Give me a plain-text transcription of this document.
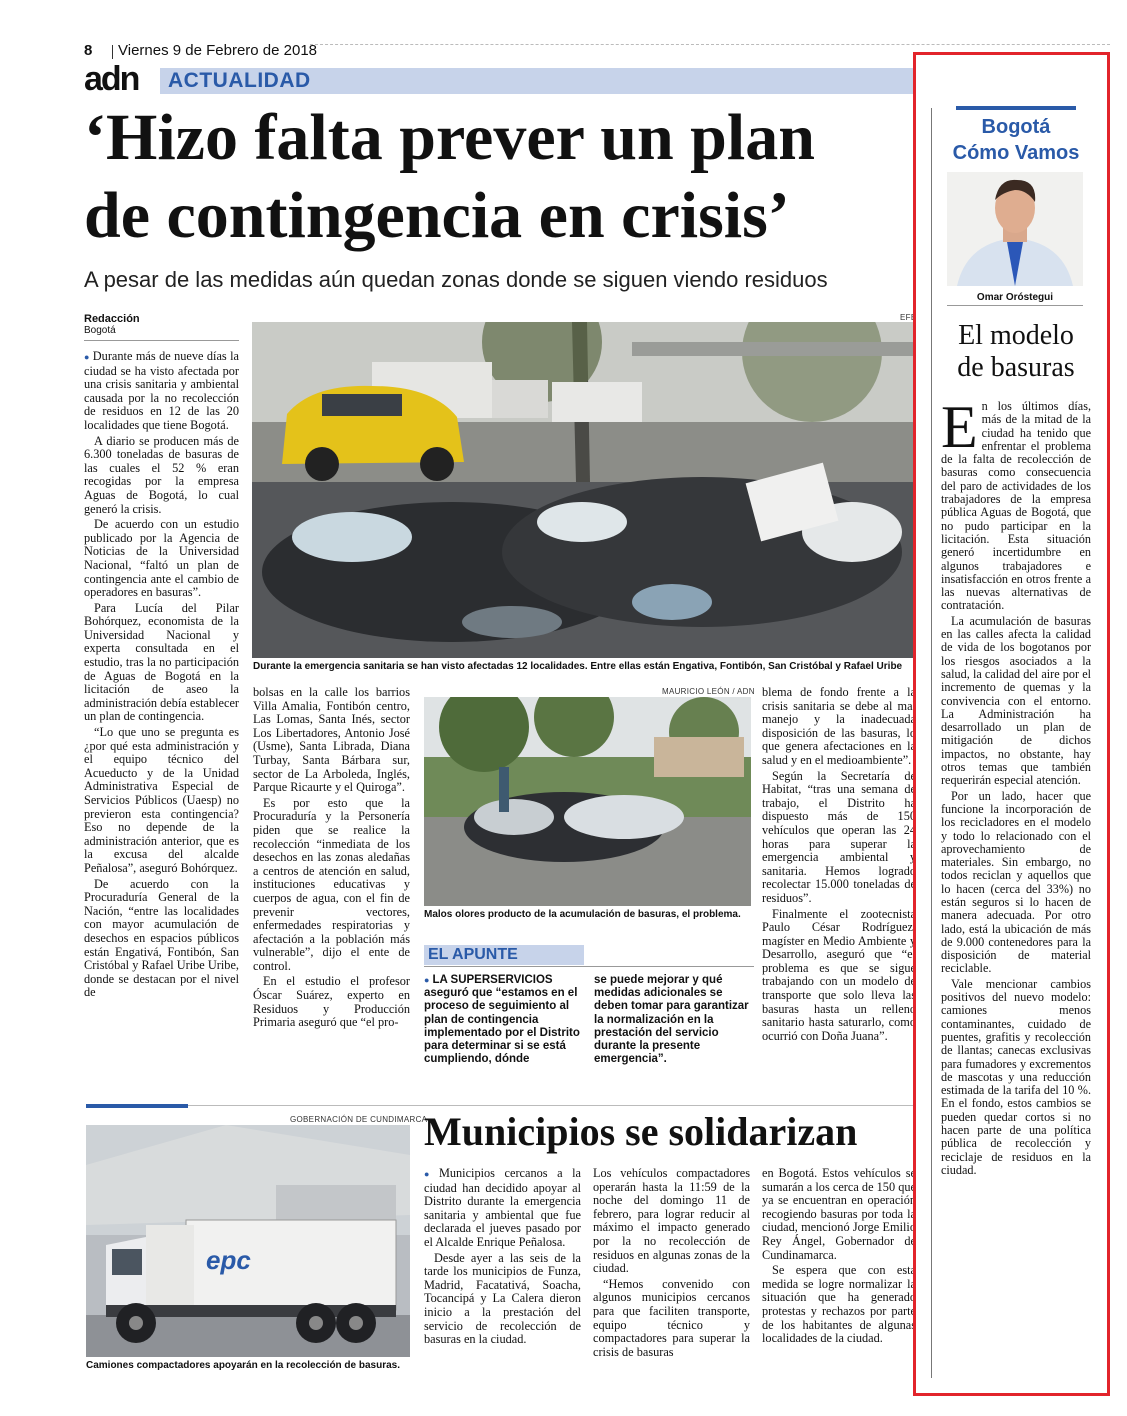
8 Viernes 9 de Febrero de 2018
adn ACTUALIDAD
‘Hizo falta prever un plan
de contingencia en crisis’
A pesar de las medidas aún quedan zonas donde se siguen viendo residuos
Redacción
Bogotá

● Durante más de nueve días la ciudad se ha visto afectada por una crisis sanitaria y ambiental causada por la no recolección de residuos en 12 de las 20 localidades que tiene Bogotá.

A diario se producen más de 6.300 toneladas de basuras de las cuales el 52 % eran recogidas por la empresa Aguas de Bogotá, lo cual generó la crisis.

De acuerdo con un estudio publicado por la Agencia de Noticias de la Universidad Nacional, “faltó un plan de contingencia ante el cambio de operadores en basuras”.

Para Lucía del Pilar Bohórquez, economista de la Universidad Nacional y experta consultada en el estudio, tras la no participación de Aguas de Bogotá en la licitación de aseo la administración debía establecer un plan de contingencia.

“Lo que uno se pregunta es ¿por qué esta administración y el equipo técnico del Acueducto y de la Unidad Administrativa Especial de Servicios Públicos (Uaesp) no previeron esta contingencia? Eso no depende de la administración anterior, que es la excusa del alcalde Peñalosa”, aseguró Bohórquez.

De acuerdo con la Procuraduría General de la Nación, “entre las localidades con mayor acumulación de desechos en espacios públicos están Engativá, Fontibón, San Cristóbal y Rafael Uribe Uribe, donde se destacan por el nivel de

EFE
Durante la emergencia sanitaria se han visto afectadas 12 localidades. Entre ellas están Engativa, Fontibón, San Cristóbal y Rafael Uribe

bolsas en la calle los barrios Villa Amalia, Fontibón centro, Las Lomas, Santa Inés, sector Los Libertadores, Antonio José (Usme), Santa Librada, Diana Turbay, Santa Bárbara sur, sector de La Arboleda, Inglés, Parque Ricaurte y el Quiroga”.

Es por esto que la Procuraduría y la Personería piden que se realice la recolección “inmediata de los desechos en las zonas aledañas a centros de atención en salud, instituciones educativas y cuerpos de agua, con el fin de prevenir vectores, enfermedades respiratorias y afectación a la población más vulnerable”, dijo el ente de control.

En el estudio el profesor Óscar Suárez, experto en Residuos y Producción Primaria aseguró que “el pro-

MAURICIO LEÓN / ADN
Malos olores producto de la acumulación de basuras, el problema.

blema de fondo frente a la crisis sanitaria se debe al mal manejo y la inadecuada disposición de las basuras, lo que genera afectaciones en la salud y en el medioambiente”.

Según la Secretaría de Habitat, “tras una semana de trabajo, el Distrito ha dispuesto más de 150 vehículos que operan las 24 horas para superar la emergencia ambiental y sanitaria. Hemos logrado recolectar 15.000 toneladas de residuos”.

Finalmente el zootecnista Paulo César Rodríguez, magíster en Medio Ambiente y Desarrollo, aseguró que “el problema es que se sigue trabajando con un modelo de transporte que solo lleva las basuras hasta un relleno sanitario hasta saturarlo, como ocurrió con Doña Juana”.

EL APUNTE
● LA SUPERSERVICIOS aseguró que “estamos en el proceso de seguimiento al plan de contingencia implementado por el Distrito para determinar si se está cumpliendo, dónde
se puede mejorar y qué medidas adicionales se deben tomar para garantizar la normalización en la prestación del servicio durante la presente emergencia”.
GOBERNACIÓN DE CUNDIMARCA
epc
Camiones compactadores apoyarán en la recolección de basuras.
Municipios se solidarizan

● Municipios cercanos a la ciudad han decidido apoyar al Distrito durante la emergencia sanitaria y ambiental que fue declarada el jueves pasado por el Alcalde Enrique Peñalosa.

Desde ayer a las seis de la tarde los municipios de Funza, Madrid, Facatativá, Soacha, Tocancipá y La Calera dieron inicio a la prestación del servicio de recolección de basuras en la ciudad.

Los vehículos compactadores operarán hasta la 11:59 de la noche del domingo 11 de febrero, para lograr reducir al máximo el impacto generado por la no recolección de residuos en algunas zonas de la ciudad.

“Hemos convenido con algunos municipios cercanos para que faciliten transporte, equipo técnico y compactadores para superar la crisis de basuras

en Bogotá. Estos vehículos se sumarán a los cerca de 150 que ya se encuentran en operación recogiendo basuras por toda la ciudad, mencionó Jorge Emilio Rey Ángel, Gobernador de Cundinamarca.

Se espera que con esta medida se logre normalizar la situación que ha generado protestas y rechazos por parte de los habitantes de algunas localidades de la ciudad.

Bogotá
Cómo Vamos
Omar Oróstegui
El modelo
de basuras

En los últimos días, más de la mitad de la ciudad ha tenido que enfrentar el problema de la falta de recolección de basuras como consecuencia del paro de actividades de los trabajadores de la empresa pública Aguas de Bogotá, que no pudo participar en la licitación. Esta situación generó incertidumbre en algunos trabajadores e insatisfacción en otros frente a las nuevas alternativas de contratación.

La acumulación de basuras en las calles afecta la calidad de vida de los bogotanos por los riesgos asociados a la salud, la calidad del aire por el incremento de quemas y la convivencia con el entorno. La Administración ha desarrollado un plan de mitigación de dichos impactos, no obstante, hay otros temas que también requerirán especial atención.

Por un lado, hacer que funcione la incorporación de los recicladores en el modelo y todo lo relacionado con el aprovechamiento de materiales. Sin embargo, no todos reciclan y aquellos que lo hacen (cerca del 33%) no están seguros si lo hacen de manera adecuada. Por otro lado, está la ubicación de más de 9.000 contenedores para la disposición de material reciclable.

Vale mencionar cambios positivos del nuevo modelo: camiones menos contaminantes, cuidado de puentes, grafitis y recolección de llantas; canecas exclusivas para fumadores y excrementos de mascotas y una reducción estimada de la tarifa del 10 %. En el fondo, estos cambios se pueden quedar cortos si no hacen parte de una política pública de recolección y reciclaje de residuos en la ciudad.
